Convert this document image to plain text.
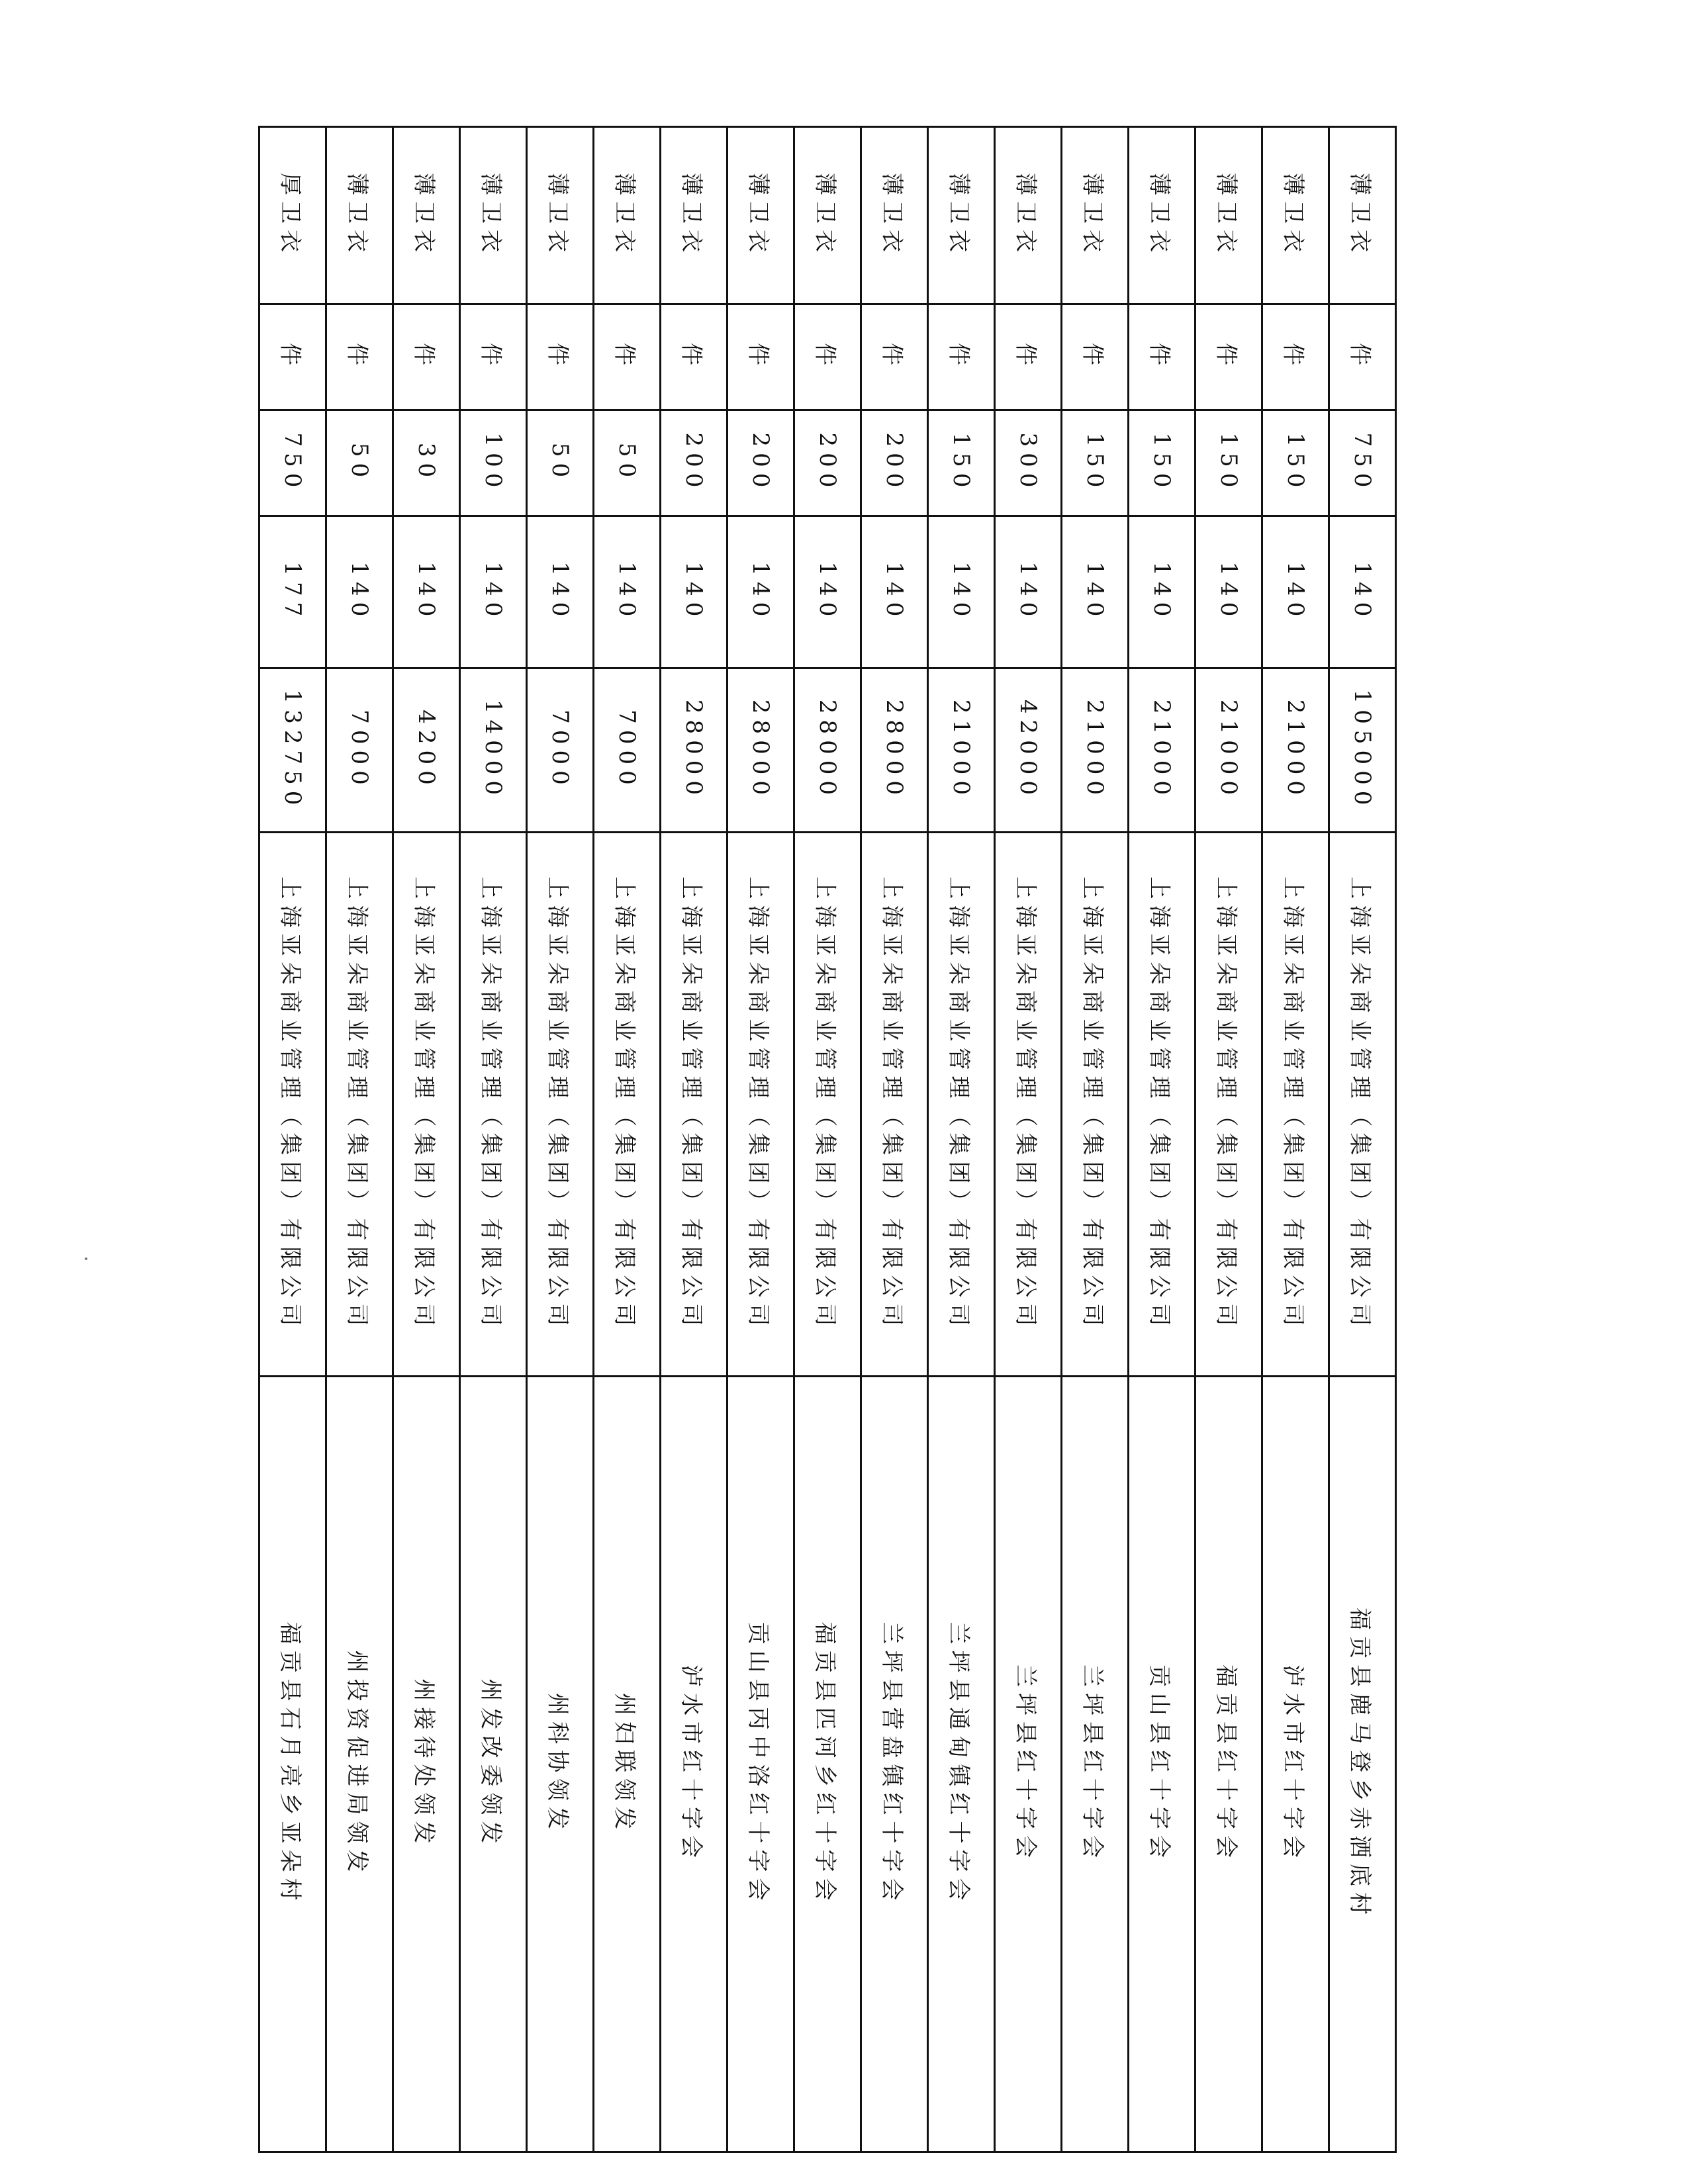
薄卫衣	件	750	140	105000	上海亚朵商业管理（集团）有限公司	福贡县鹿马登乡赤洒底村
薄卫衣	件	150	140	21000	上海亚朵商业管理（集团）有限公司	泸水市红十字会
薄卫衣	件	150	140	21000	上海亚朵商业管理（集团）有限公司	福贡县红十字会
薄卫衣	件	150	140	21000	上海亚朵商业管理（集团）有限公司	贡山县红十字会
薄卫衣	件	150	140	21000	上海亚朵商业管理（集团）有限公司	兰坪县红十字会
薄卫衣	件	300	140	42000	上海亚朵商业管理（集团）有限公司	兰坪县红十字会
薄卫衣	件	150	140	21000	上海亚朵商业管理（集团）有限公司	兰坪县通甸镇红十字会
薄卫衣	件	200	140	28000	上海亚朵商业管理（集团）有限公司	兰坪县营盘镇红十字会
薄卫衣	件	200	140	28000	上海亚朵商业管理（集团）有限公司	福贡县匹河乡红十字会
薄卫衣	件	200	140	28000	上海亚朵商业管理（集团）有限公司	贡山县丙中洛红十字会
薄卫衣	件	200	140	28000	上海亚朵商业管理（集团）有限公司	泸水市红十字会
薄卫衣	件	50	140	7000	上海亚朵商业管理（集团）有限公司	州妇联领发
薄卫衣	件	50	140	7000	上海亚朵商业管理（集团）有限公司	州科协领发
薄卫衣	件	100	140	14000	上海亚朵商业管理（集团）有限公司	州发改委领发
薄卫衣	件	30	140	4200	上海亚朵商业管理（集团）有限公司	州接待处领发
薄卫衣	件	50	140	7000	上海亚朵商业管理（集团）有限公司	州投资促进局领发
厚卫衣	件	750	177	132750	上海亚朵商业管理（集团）有限公司	福贡县石月亮乡亚朵村
